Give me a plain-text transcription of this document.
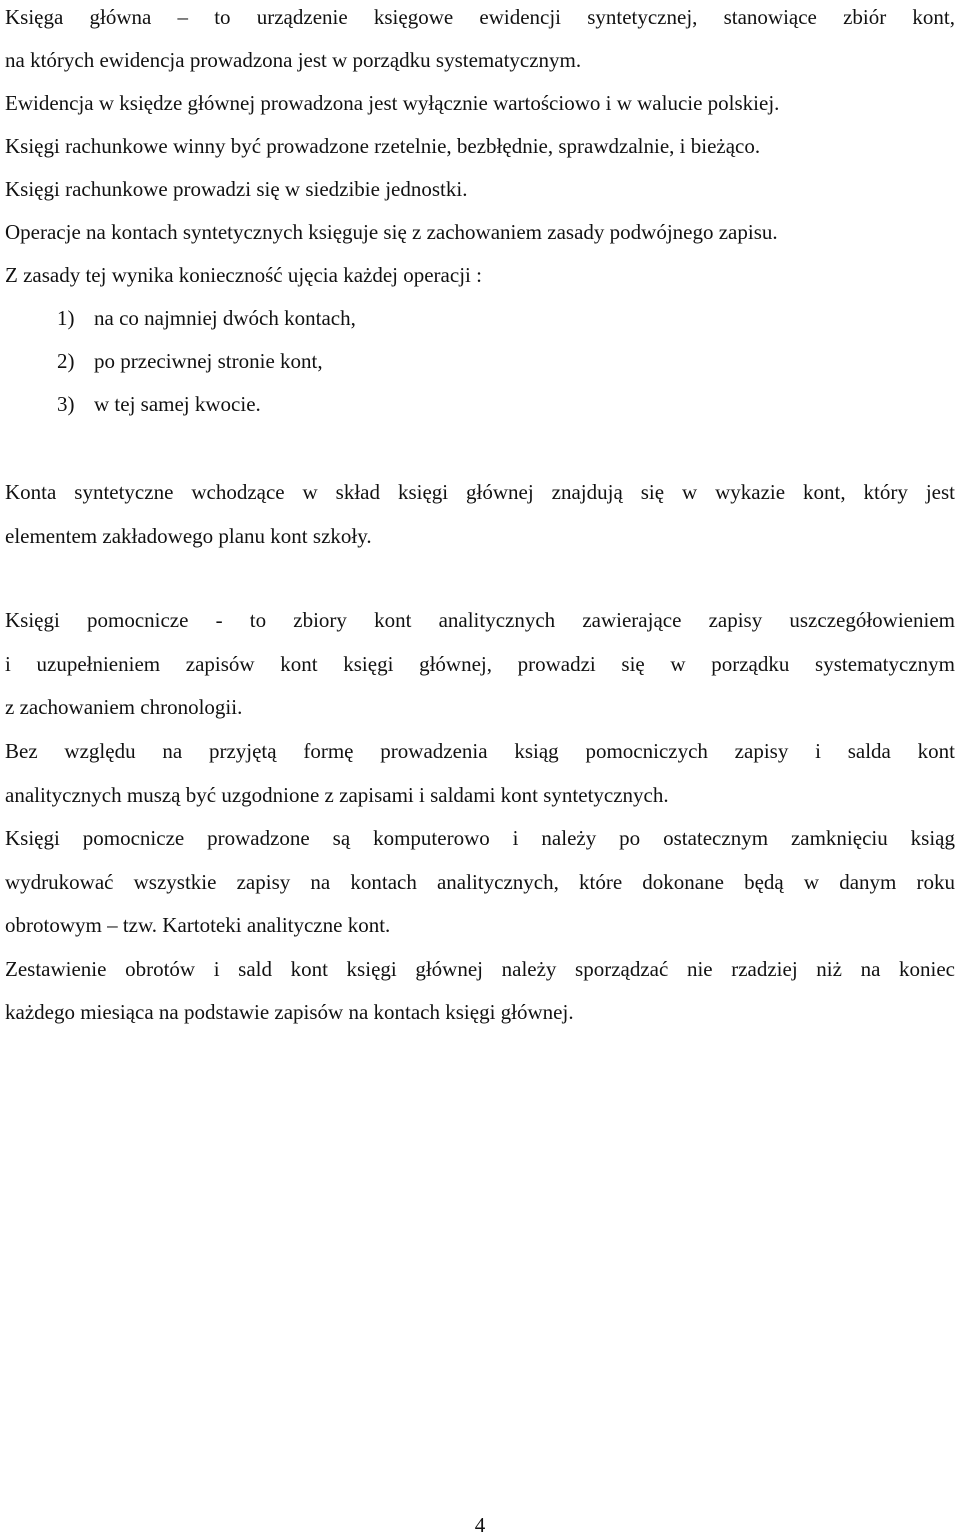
Księga główna – to urządzenie księgowe ewidencji syntetycznej, stanowiące zbiór kont,
na których ewidencja prowadzona jest w porządku systematycznym.
Ewidencja w księdze głównej prowadzona jest wyłącznie wartościowo i w walucie polskiej.
Księgi rachunkowe winny być prowadzone rzetelnie, bezbłędnie, sprawdzalnie, i bieżąco.
Księgi rachunkowe prowadzi się w siedzibie jednostki.
Operacje na kontach syntetycznych księguje się z zachowaniem zasady podwójnego zapisu.
Z zasady tej wynika konieczność ujęcia każdej operacji :
1) na co najmniej dwóch kontach,
2) po przeciwnej stronie kont,
3) w tej samej kwocie.
Konta syntetyczne wchodzące w skład księgi głównej znajdują się w wykazie kont, który jest
elementem zakładowego planu kont szkoły.
Księgi pomocnicze - to zbiory kont analitycznych zawierające zapisy uszczegółowieniem
i uzupełnieniem zapisów kont księgi głównej, prowadzi się w porządku systematycznym
z zachowaniem chronologii.
Bez względu na przyjętą formę prowadzenia ksiąg pomocniczych zapisy i saldа kont
analitycznych muszą być uzgodnione z zapisami i saldami kont syntetycznych.
Księgi pomocnicze prowadzone są komputerowo i należy po ostatecznym zamknięciu ksiąg
wydrukować wszystkie zapisy na kontach analitycznych, które dokonane będą w danym roku
obrotowym – tzw. Kartoteki analityczne kont.
Zestawienie obrotów i sald kont księgi głównej należy sporządzać nie rzadziej niż na koniec
każdego miesiąca na podstawie zapisów na kontach księgi głównej.
4
